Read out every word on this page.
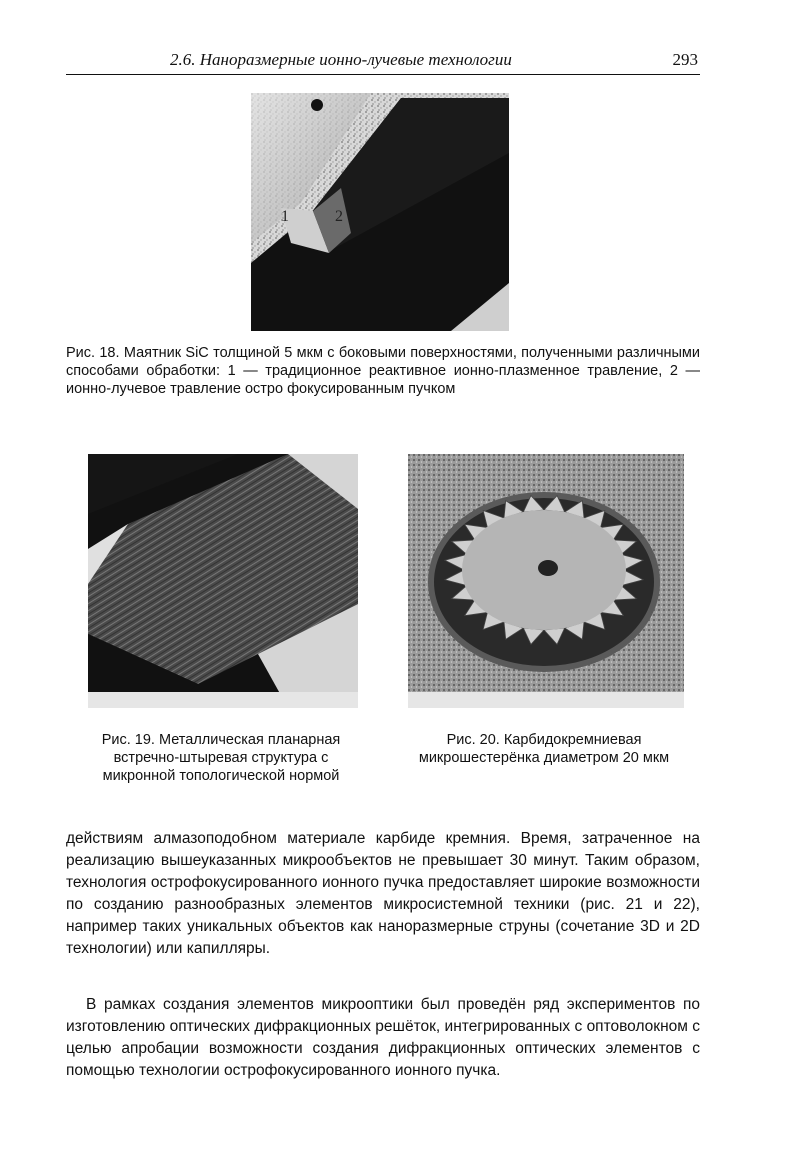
2.6. Наноразмерные ионно-лучевые технологии	293
1	2
Рис. 18. Маятник SiC толщиной 5 мкм с боковыми поверхностями, полученными различными способами обработки: 1 — традиционное реактивное ионно-плазменное травление, 2 — ионно-лучевое травление остро фокусированным пучком
Рис. 19. Металлическая планарная встречно-штыревая структура с микронной топологической нормой
Рис. 20. Карбидокремниевая микрошестерёнка диаметром 20 мкм
действиям алмазоподобном материале карбиде кремния. Время, затраченное на реализацию вышеуказанных микрообъектов не превышает 30 минут. Таким образом, технология острофокусированного ионного пучка предоставляет широкие возможности по созданию разнообразных элементов микросистемной техники (рис. 21 и 22), например таких уникальных объектов как наноразмерные струны (сочетание 3D и 2D технологии) или капилляры.
В рамках создания элементов микрооптики был проведён ряд экспериментов по изготовлению оптических дифракционных решёток, интегрированных с оптоволокном с целью апробации возможности создания дифракционных оптических элементов с помощью технологии острофокусированного ионного пучка.
